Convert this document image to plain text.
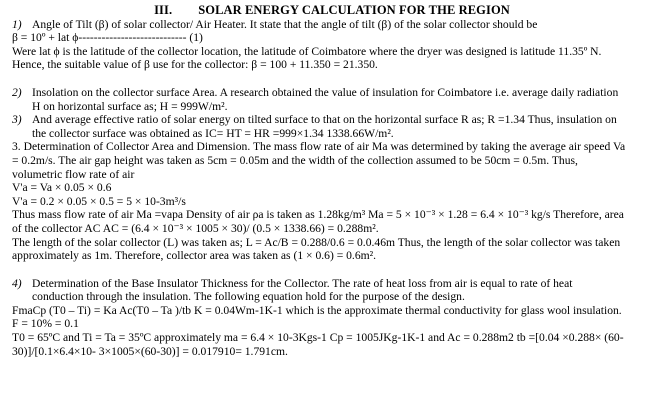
III. SOLAR ENERGY CALCULATION FOR THE REGION
1) Angle of Tilt (β) of solar collector/ Air Heater. It state that the angle of tilt (β) of the solar collector should be
β = 10º + lat ϕ---------------------------- (1)
Were lat ϕ is the latitude of the collector location, the latitude of Coimbatore where the dryer was designed is latitude 11.35º N.
Hence, the suitable value of β use for the collector: β = 100 + 11.350 = 21.350.
2) Insolation on the collector surface Area. A research obtained the value of insulation for Coimbatore i.e. average daily radiation
H on horizontal surface as; H = 999W/m².
3) And average effective ratio of solar energy on tilted surface to that on the horizontal surface R as; R =1.34 Thus, insulation on
the collector surface was obtained as IC= HT = HR =999×1.34 1338.66W/m².
3. Determination of Collector Area and Dimension. The mass flow rate of air Ma was determined by taking the average air speed Va
= 0.2m/s. The air gap height was taken as 5cm = 0.05m and the width of the collection assumed to be 50cm = 0.5m. Thus,
volumetric flow rate of air
V'a = Va × 0.05 × 0.6
V'a = 0.2 × 0.05 × 0.5 = 5 × 10-3m³/s
Thus mass flow rate of air Ma =vapa Density of air ρa is taken as 1.28kg/m³ Ma = 5 × 10⁻³ × 1.28 = 6.4 × 10⁻³ kg/s Therefore, area
of the collector AC AC = (6.4 × 10⁻³ × 1005 × 30)/ (0.5 × 1338.66) = 0.288m².
The length of the solar collector (L) was taken as; L = Ac/B = 0.288/0.6 = 0.0.46m Thus, the length of the solar collector was taken
approximately as 1m. Therefore, collector area was taken as (1 × 0.6) = 0.6m².
4) Determination of the Base Insulator Thickness for the Collector. The rate of heat loss from air is equal to rate of heat
conduction through the insulation. The following equation hold for the purpose of the design.
FmaCp (T0 – Ti) = Ka Ac(T0 – Ta )/tb K = 0.04Wm-1K-1 which is the approximate thermal conductivity for glass wool insulation.
F = 10% = 0.1
T0 = 65ºC and Ti = Ta = 35ºC approximately ma = 6.4 × 10-3Kgs-1 Cp = 1005JKg-1K-1 and Ac = 0.288m2 tb =[0.04 ×0.288× (60-
30)]/[0.1×6.4×10- 3×1005×(60-30)] = 0.017910= 1.791cm.
